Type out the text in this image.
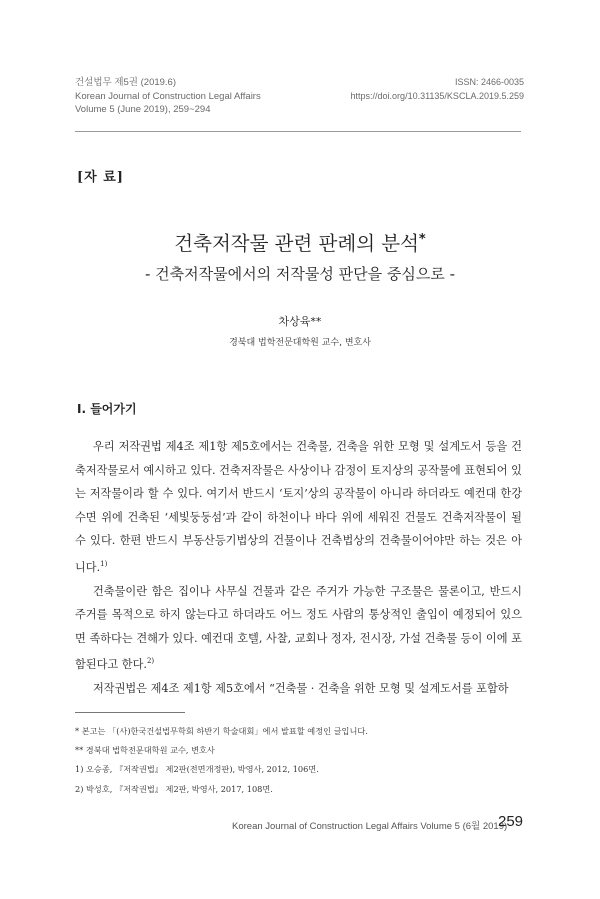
건설법무 제5권 (2019.6)
Korean Journal of Construction Legal Affairs
Volume 5 (June 2019), 259~294
ISSN: 2466-0035
https://doi.org/10.31135/KSCLA.2019.5.259
[자 료]
건축저작물 관련 판례의 분석*
- 건축저작물에서의 저작물성 판단을 중심으로 -
차상육**
경북대 법학전문대학원 교수, 변호사
Ⅰ. 들어가기

우리 저작권법 제4조 제1항 제5호에서는 건축물, 건축을 위한 모형 및 설계도서 등을 건축저작물로서 예시하고 있다. 건축저작물은 사상이나 감정이 토지상의 공작물에 표현되어 있는 저작물이라 할 수 있다. 여기서 반드시 ‘토지’상의 공작물이 아니라 하더라도 예컨대 한강수면 위에 건축된 ‘세빛둥둥섬’과 같이 하천이나 바다 위에 세워진 건물도 건축저작물이 될 수 있다. 한편 반드시 부동산등기법상의 건물이나 건축법상의 건축물이어야만 하는 것은 아니다.$^{1)}$

건축물이란 함은 집이나 사무실 건물과 같은 주거가 가능한 구조물은 물론이고, 반드시 주거를 목적으로 하지 않는다고 하더라도 어느 정도 사람의 통상적인 출입이 예정되어 있으면 족하다는 견해가 있다. 예컨대 호텔, 사찰, 교회나 정자, 전시장, 가설 건축물 등이 이에 포함된다고 한다.$^{2)}$

저작권법은 제4조 제1항 제5호에서 “건축물 · 건축을 위한 모형 및 설계도서를 포함하

* 본고는 「(사)한국건설법무학회 하반기 학술대회」에서 발표할 예정인 글입니다.
** 경북대 법학전문대학원 교수, 변호사
1) 오승종, 『저작권법』 제2판(전면개정판), 박영사, 2012, 106면.
2) 박성호, 『저작권법』 제2판, 박영사, 2017, 108면.
Korean Journal of Construction Legal Affairs Volume 5 (6월 2019)
259
